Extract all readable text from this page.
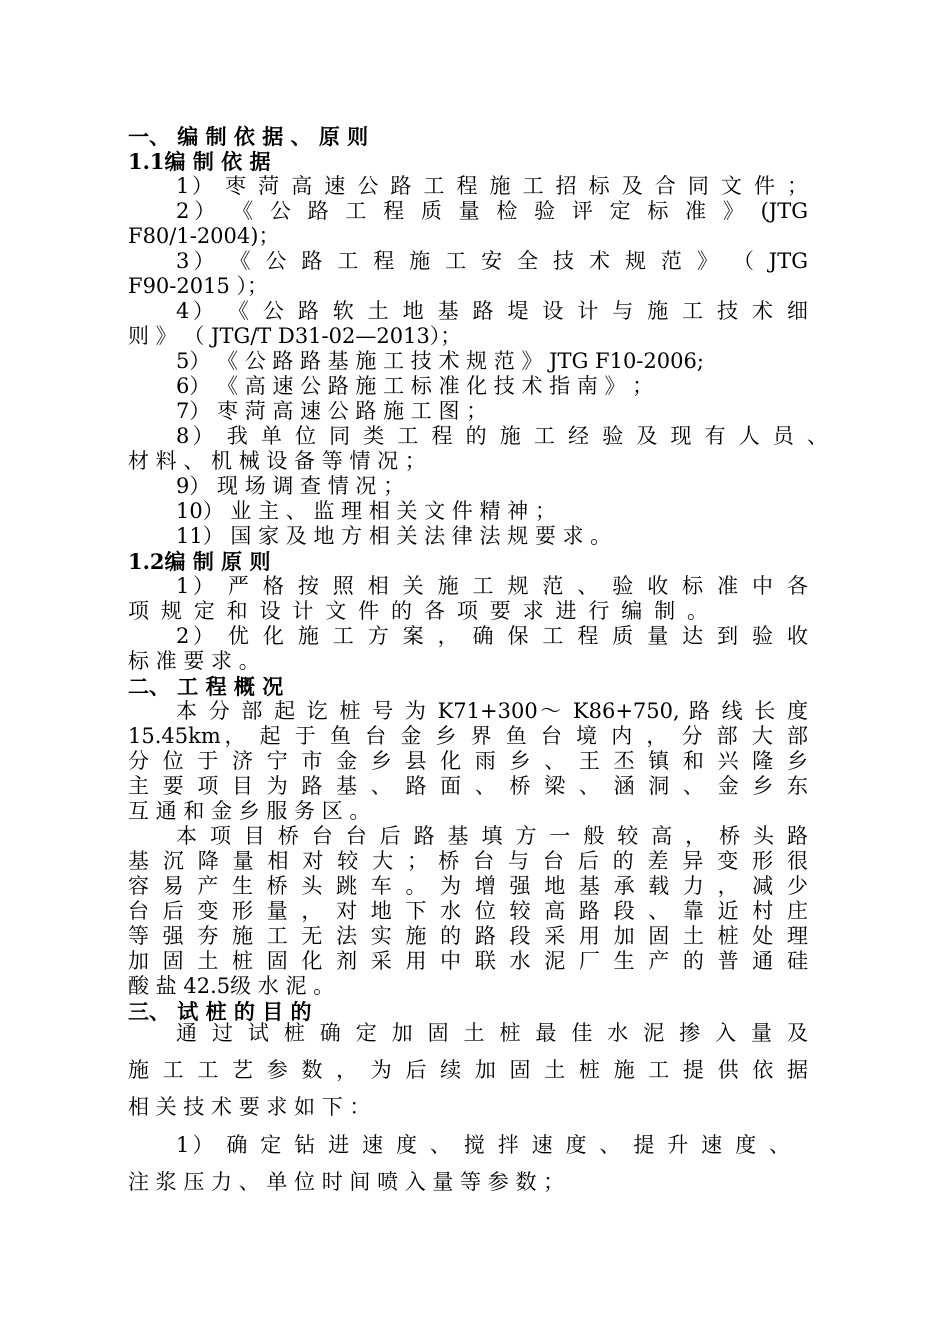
一、 编 制 依 据 、 原 则
1.1编 制 依 据
1） 枣 菏 高 速 公 路 工 程 施 工 招 标 及 合 同 文 件 ；
2） 《 公 路 工 程 质 量 检 验 评 定 标 准 》 (JTG
F80/1-2004)；
3） 《 公 路 工 程 施 工 安 全 技 术 规 范 》 （ JTG
F90-2015 ）；
4） 《 公 路 软 土 地 基 路 堤 设 计 与 施 工 技 术 细
则 》 （ JTG/T D31-02—2013）；
5） 《 公 路 路 基 施 工 技 术 规 范 》 JTG F10-2006;
6） 《 高 速 公 路 施 工 标 准 化 技 术 指 南 》 ；
7） 枣 菏 高 速 公 路 施 工 图 ；
8） 我 单 位 同 类 工 程 的 施 工 经 验 及 现 有 人 员 、
材 料 、 机 械 设 备 等 情 况 ；
9） 现 场 调 查 情 况 ；
10） 业 主 、 监 理 相 关 文 件 精 神 ；
11） 国 家 及 地 方 相 关 法 律 法 规 要 求 。
1.2编 制 原 则
1） 严 格 按 照 相 关 施 工 规 范 、 验 收 标 准 中 各
项 规 定 和 设 计 文 件 的 各 项 要 求 进 行 编 制 。
2） 优 化 施 工 方 案 ， 确 保 工 程 质 量 达 到 验 收
标 准 要 求 。
二、 工 程 概 况
本 分 部 起 讫 桩 号 为 K71+300～ K86+750, 路 线 长 度
15.45km， 起 于 鱼 台 金 乡 界 鱼 台 境 内 ， 分 部 大 部
分 位 于 济 宁 市 金 乡 县 化 雨 乡 、 王 丕 镇 和 兴 隆 乡
主 要 项 目 为 路 基 、 路 面 、 桥 梁 、 涵 洞 、 金 乡 东
互 通 和 金 乡 服 务 区 。
本 项 目 桥 台 台 后 路 基 填 方 一 般 较 高 ， 桥 头 路
基 沉 降 量 相 对 较 大 ； 桥 台 与 台 后 的 差 异 变 形 很
容 易 产 生 桥 头 跳 车 。 为 增 强 地 基 承 载 力 ， 减 少
台 后 变 形 量 ， 对 地 下 水 位 较 高 路 段 、 靠 近 村 庄
等 强 夯 施 工 无 法 实 施 的 路 段 采 用 加 固 土 桩 处 理
加 固 土 桩 固 化 剂 采 用 中 联 水 泥 厂 生 产 的 普 通 硅
酸 盐 42.5级 水 泥 。
三、 试 桩 的 目 的
通 过 试 桩 确 定 加 固 土 桩 最 佳 水 泥 掺 入 量 及
施 工 工 艺 参 数 ， 为 后 续 加 固 土 桩 施 工 提 供 依 据
相 关 技 术 要 求 如 下 ：
1） 确 定 钻 进 速 度 、 搅 拌 速 度 、 提 升 速 度 、
注 浆 压 力 、 单 位 时 间 喷 入 量 等 参 数 ；
